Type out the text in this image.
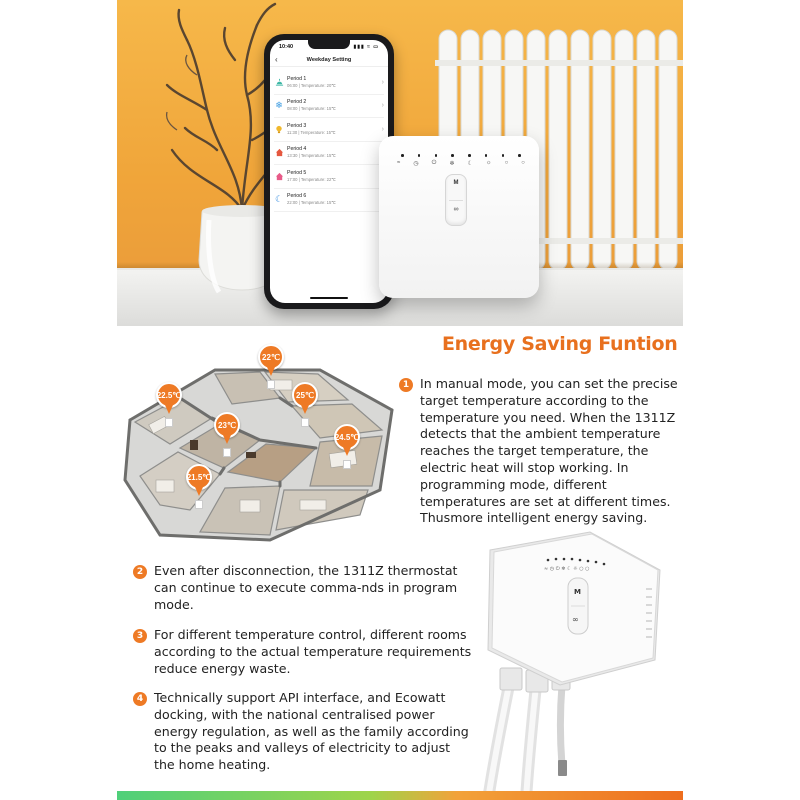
10:40	▮▮▮ ≈ ▭
‹	Weekday Setting
Period 1
06:00 | Temperature: 20℃	›
❄ Period 2
08:00 | Temperature: 15℃	›
Period 3
11:30 | Temperature: 15℃	›
Period 4
13:30 | Temperature: 15℃
Period 5
17:00 | Temperature: 22℃
☾ Period 6
22:00 | Temperature: 15℃
≈ ◷ ⏻ ❄ ☾ ☼ ○ ○
M
∞
Energy Saving Funtion
22℃
22.5℃	25℃
23℃
24.5℃
21.5℃
1 In manual mode, you can set the precise target temperature according to the temperature you need. When the 1311Z detects that the ambient temperature reaches the target temperature, the electric heat will stop working. In programming mode, different temperatures are set at different times. Thusmore intelligent energy saving.

2 Even after disconnection, the 1311Z thermostat can continue to execute comma-nds in program mode.

3 For different temperature control, different rooms according to the actual temperature requirements reduce energy waste.

4 Technically support API interface, and Ecowatt docking, with the national centralised power energy regulation, as well as the family according to the peaks and valleys of electricity to adjust the home heating.

≈ ◷ ⏻ ❄ ☾ ☼ ○ ○
M
∞
